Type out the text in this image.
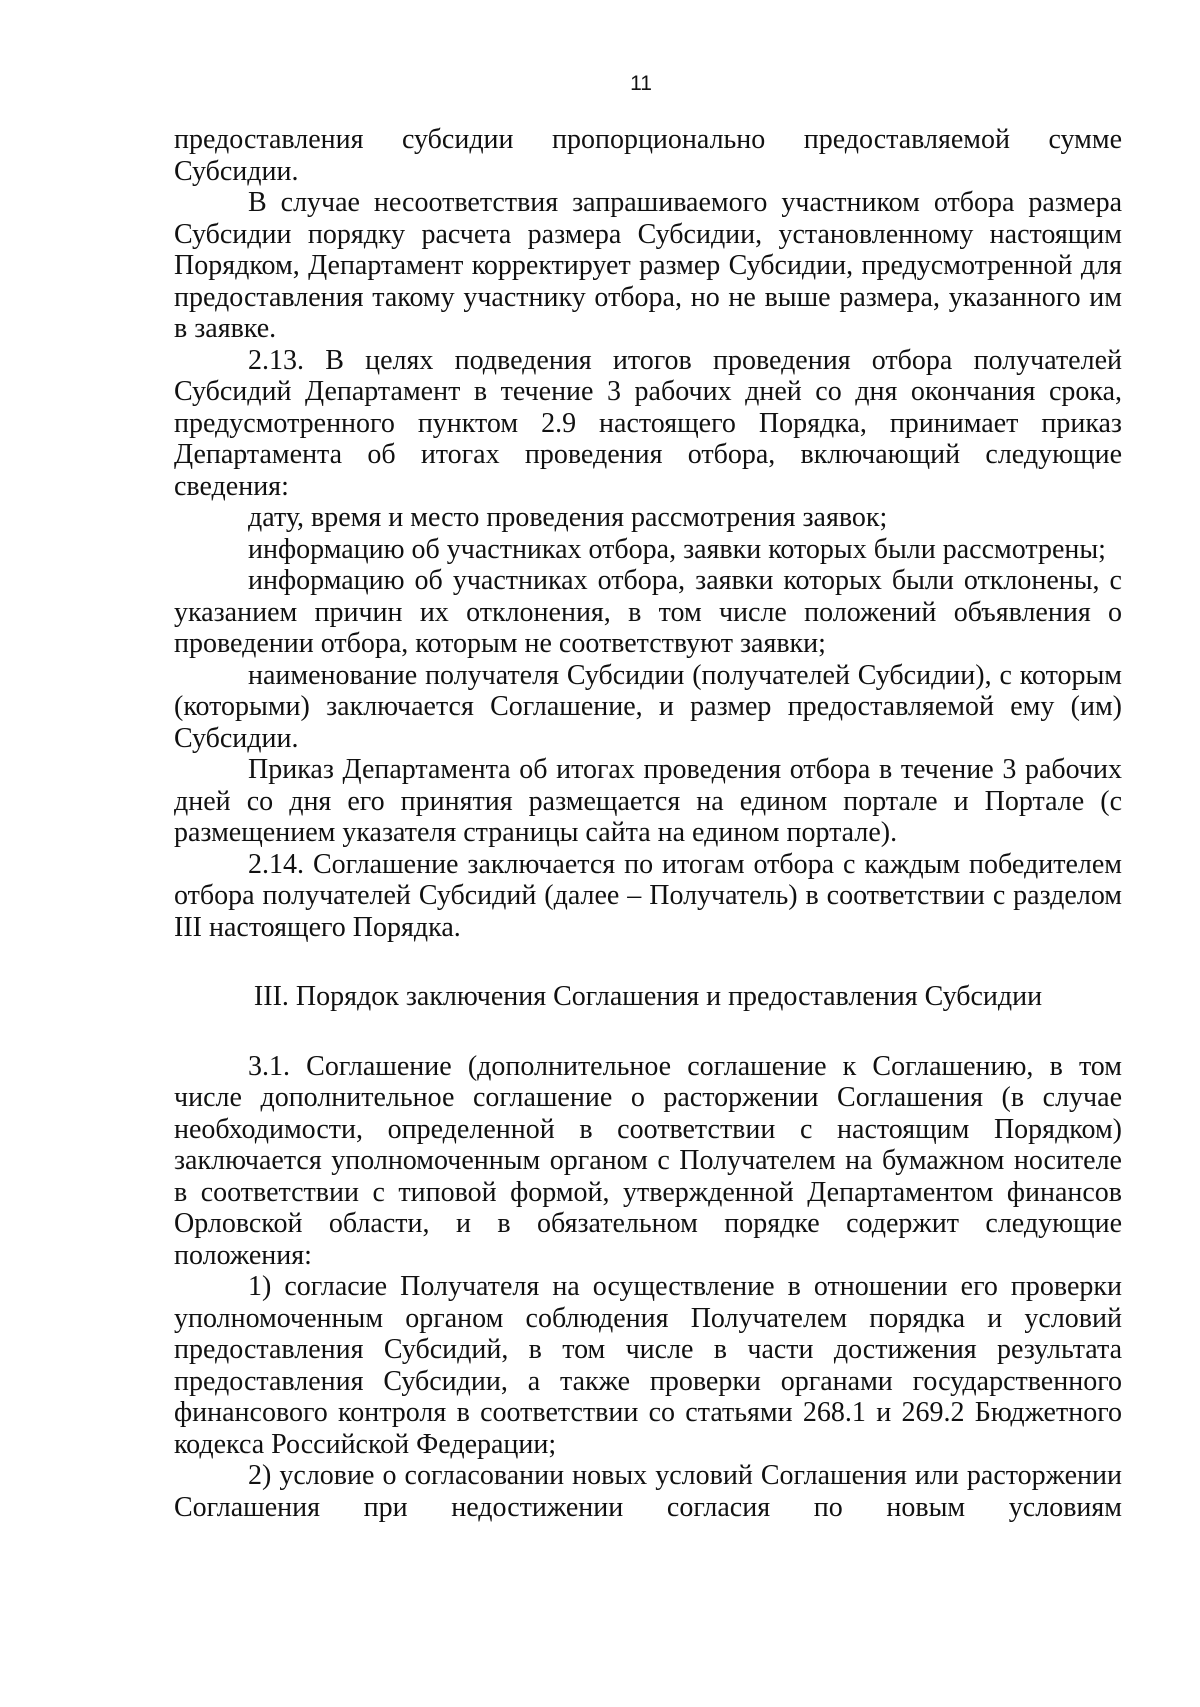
11

предоставления субсидии пропорционально предоставляемой сумме Субсидии.

В случае несоответствия запрашиваемого участником отбора размера Субсидии порядку расчета размера Субсидии, установленному настоящим Порядком, Департамент корректирует размер Субсидии, предусмотренной для предоставления такому участнику отбора, но не выше размера, указанного им в заявке.

2.13. В целях подведения итогов проведения отбора получателей Субсидий Департамент в течение 3 рабочих дней со дня окончания срока, предусмотренного пунктом 2.9 настоящего Порядка, принимает приказ Департамента об итогах проведения отбора, включающий следующие сведения:

дату, время и место проведения рассмотрения заявок;

информацию об участниках отбора, заявки которых были рассмотрены;

информацию об участниках отбора, заявки которых были отклонены, с указанием причин их отклонения, в том числе положений объявления о проведении отбора, которым не соответствуют заявки;

наименование получателя Субсидии (получателей Субсидии), с которым (которыми) заключается Соглашение, и размер предоставляемой ему (им) Субсидии.

Приказ Департамента об итогах проведения отбора в течение 3 рабочих дней со дня его принятия размещается на едином портале и Портале (с размещением указателя страницы сайта на едином портале).

2.14. Соглашение заключается по итогам отбора с каждым победителем отбора получателей Субсидий (далее – Получатель) в соответствии с разделом III настоящего Порядка.

III. Порядок заключения Соглашения и предоставления Субсидии

3.1. Соглашение (дополнительное соглашение к Соглашению, в том числе дополнительное соглашение о расторжении Соглашения (в случае необходимости, определенной в соответствии с настоящим Порядком) заключается уполномоченным органом с Получателем на бумажном носителе в соответствии с типовой формой, утвержденной Департаментом финансов Орловской области, и в обязательном порядке содержит следующие положения:

1) согласие Получателя на осуществление в отношении его проверки уполномоченным органом соблюдения Получателем порядка и условий предоставления Субсидий, в том числе в части достижения результата предоставления Субсидии, а также проверки органами государственного финансового контроля в соответствии со статьями 268.1 и 269.2 Бюджетного кодекса Российской Федерации;

2) условие о согласовании новых условий Соглашения или расторжении Соглашения при недостижении согласия по новым условиям
